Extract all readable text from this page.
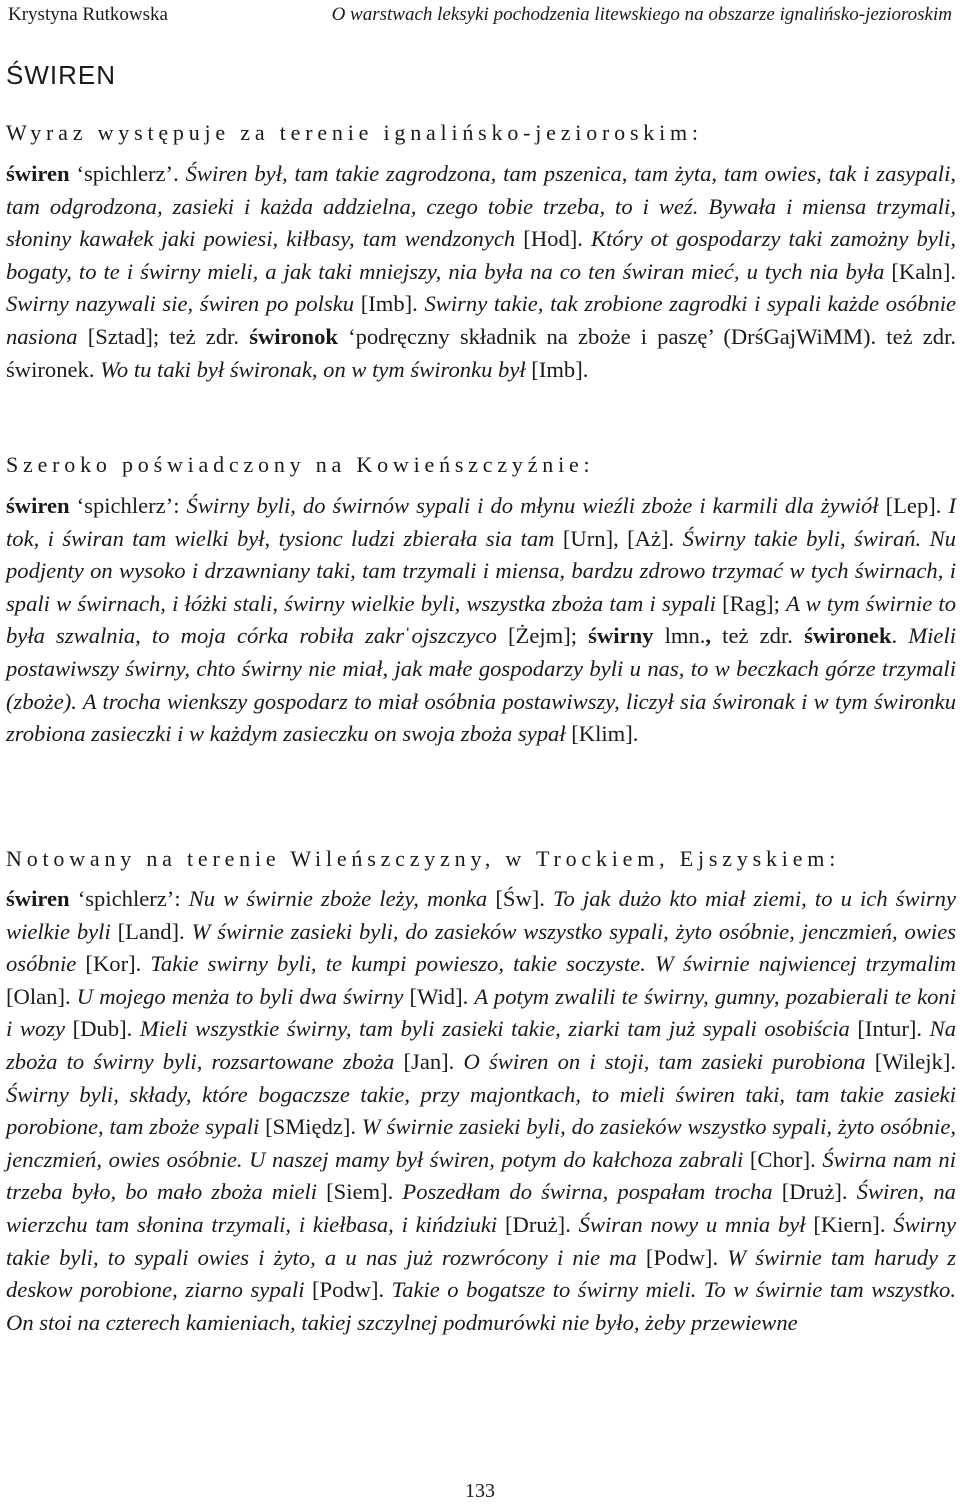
Krystyna Rutkowska	O warstwach leksyki pochodzenia litewskiego na obszarze ignalińsko-jezioroskim
ŚWIREN
Wyraz występuje za terenie ignalińsko-jezioroskim:
świren ‘spichlerz’. Świren był, tam takie zagrodzona, tam pszenica, tam żyta, tam owies, tak i zasypali, tam odgrodzona, zasieki i każda addzielna, czego tobie trzeba, to i weź. Bywała i miensa trzymali, słoniny kawałek jaki powiesi, kiłbasy, tam wendzonych [Hod]. Który ot gospodarzy taki zamożny byli, bogaty, to te i świrny mieli, a jak taki mniejszy, nia była na co ten świran mieć, u tych nia była [Kaln]. Swirny nazywali sie, świren po polsku [Imb]. Swirny takie, tak zrobione zagrodki i sypali każde osóbnie nasiona [Sztad]; też zdr. świronok ‘podręczny składnik na zboże i paszę’ (DrśGajWiMM). też zdr. świronek. Wo tu taki był świronak, on w tym świronku był [Imb].
Szeroko poświadczony na Kowieńszczyźnie:
świren ‘spichlerz’: Świrny byli, do świrnów sypali i do młynu wieźli zboże i karmili dla żywiół [Lep]. I tok, i świran tam wielki był, tysionc ludzi zbierała sia tam [Urn], [Aż]. Świrny takie byli, świrań. Nu podjenty on wysoko i drzawniany taki, tam trzymali i miensa, bardzu zdrowo trzymać w tych świrnach, i spali w świrnach, i łóżki stali, świrny wielkie byli, wszystka zboża tam i sypali [Rag]; A w tym świrnie to była szwalnia, to moja córka robiła zakrˈojszczyco [Żejm]; świrny lmn., też zdr. świronek. Mieli postawiwszy świrny, chto świrny nie miał, jak małe gospodarzy byli u nas, to w beczkach górze trzymali (zboże). A trocha wienkszy gospodarz to miał osóbnia postawiwszy, liczył sia świronak i w tym świronku zrobiona zasieczki i w każdym zasieczku on swoja zboża sypał [Klim].
Notowany na terenie Wileńszczyzny, w Trockiem, Ejszyskiem:
świren ‘spichlerz’: Nu w świrnie zboże leży, monka [Św]. To jak dużo kto miał ziemi, to u ich świrny wielkie byli [Land]. W świrnie zasieki byli, do zasieków wszystko sypali, żyto osóbnie, jenczmień, owies osóbnie [Kor]. Takie swirny byli, te kumpi powieszo, takie soczyste. W świrnie najwiencej trzymalim [Olan]. U mojego menża to byli dwa świrny [Wid]. A potym zwalili te świrny, gumny, pozabierali te koni i wozy [Dub]. Mieli wszystkie świrny, tam byli zasieki takie, ziarki tam już sypali osobiścia [Intur]. Na zboża to świrny byli, rozsartowane zboża [Jan]. O świren on i stoji, tam zasieki purobiona [Wilejk]. Świrny byli, składy, które bogaczsze takie, przy majontkach, to mieli świren taki, tam takie zasieki porobione, tam zboże sypali [SMiędz]. W świrnie zasieki byli, do zasieków wszystko sypali, żyto osóbnie, jenczmień, owies osóbnie. U naszej mamy był świren, potym do kałchoza zabrali [Chor]. Świrna nam ni trzeba było, bo mało zboża mieli [Siem]. Poszedłam do świrna, pospałam trocha [Druż]. Świren, na wierzchu tam słonina trzymali, i kiełbasa, i kińdziuki [Druż]. Świran nowy u mnia był [Kiern]. Świrny takie byli, to sypali owies i żyto, a u nas już rozwrócony i nie ma [Podw]. W świrnie tam harudy z deskow porobione, ziarno sypali [Podw]. Takie o bogatsze to świrny mieli. To w świrnie tam wszystko. On stoi na czterech kamieniach, takiej szczylnej podmurówki nie było, żeby przewiewne
133
